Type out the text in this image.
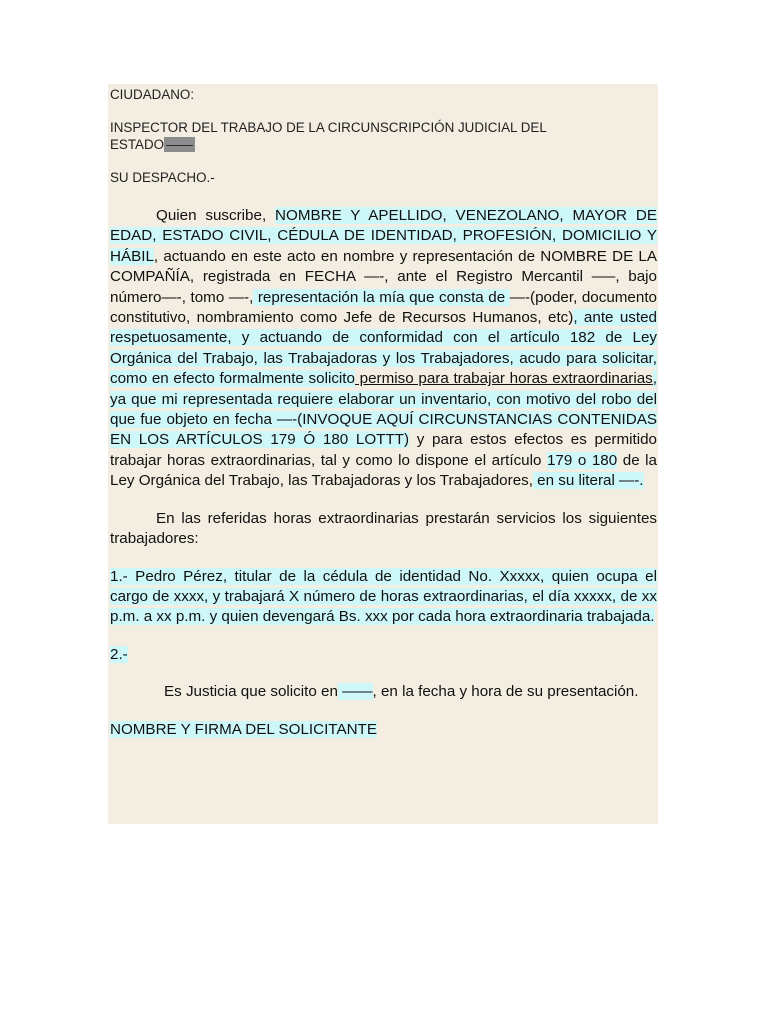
CIUDADANO:

INSPECTOR DEL TRABAJO DE LA CIRCUNSCRIPCIÓN JUDICIAL DEL
ESTADO ——

SU DESPACHO.-

Quien suscribe, NOMBRE Y APELLIDO, VENEZOLANO, MAYOR DE EDAD, ESTADO CIVIL, CÉDULA DE IDENTIDAD, PROFESIÓN, DOMICILIO Y HÁBIL, actuando en este acto en nombre y representación de NOMBRE DE LA COMPAÑÍA, registrada en FECHA —-, ante el Registro Mercantil —–, bajo número—-, tomo —-, representación la mía que consta de —-(poder, documento constitutivo, nombramiento como Jefe de Recursos Humanos, etc), ante usted respetuosamente, y actuando de conformidad con el artículo 182 de Ley Orgánica del Trabajo, las Trabajadoras y los Trabajadores, acudo para solicitar, como en efecto formalmente solicito permiso para trabajar horas extraordinarias, ya que mi representada requiere elaborar un inventario, con motivo del robo del que fue objeto en fecha —-(INVOQUE AQUÍ CIRCUNSTANCIAS CONTENIDAS EN LOS ARTÍCULOS 179 Ó 180 LOTTT) y para estos efectos es permitido trabajar horas extraordinarias, tal y como lo dispone el artículo 179 o 180 de la Ley Orgánica del Trabajo, las Trabajadoras y los Trabajadores, en su literal —-.

En las referidas horas extraordinarias prestarán servicios los siguientes trabajadores:

1.- Pedro Pérez, titular de la cédula de identidad No. Xxxxx, quien ocupa el cargo de xxxx, y trabajará X número de horas extraordinarias, el día xxxxx, de xx p.m. a xx p.m. y quien devengará Bs. xxx por cada hora extraordinaria trabajada.

2.-

Es Justicia que solicito en ——, en la fecha y hora de su presentación.

NOMBRE Y FIRMA DEL SOLICITANTE
